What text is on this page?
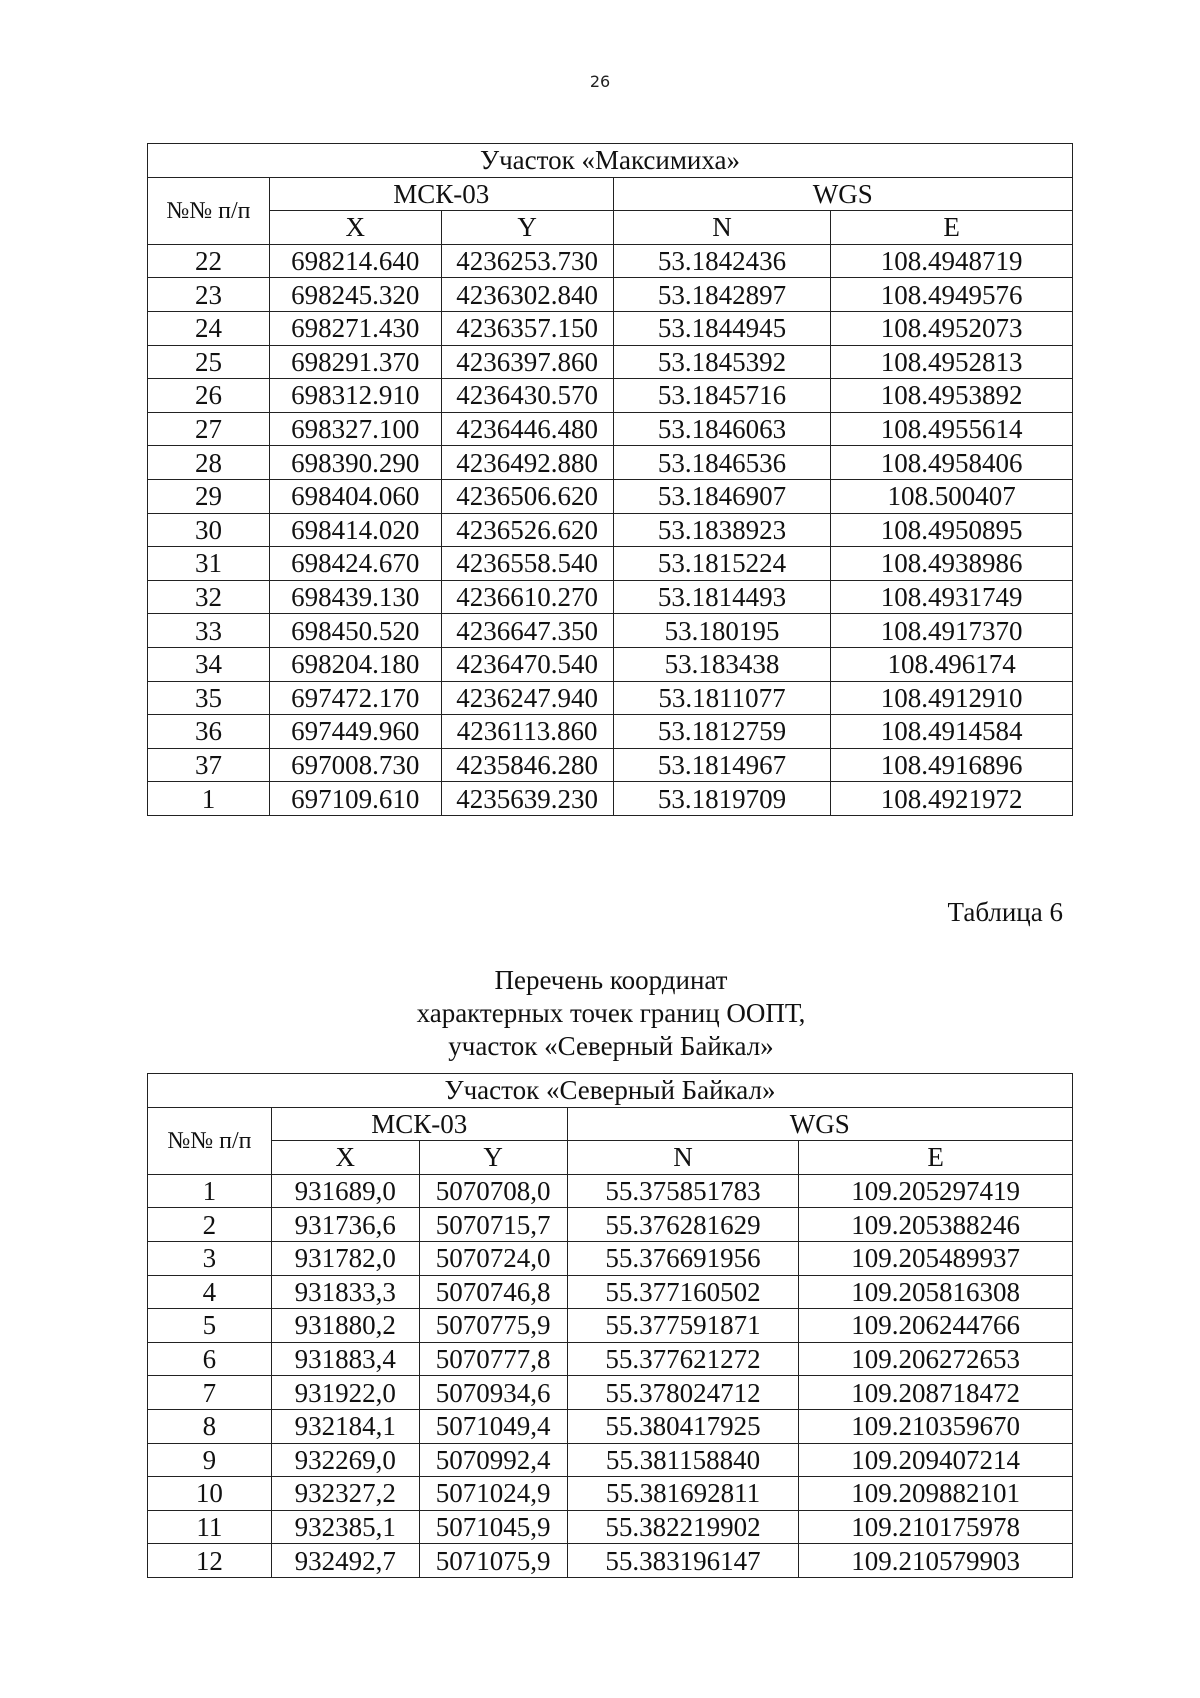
26
Участок «Максимиха»				
№№ п/п	МСК-03		WGS	
	X	Y	N	E
22	698214.640	4236253.730	53.1842436	108.4948719
23	698245.320	4236302.840	53.1842897	108.4949576
24	698271.430	4236357.150	53.1844945	108.4952073
25	698291.370	4236397.860	53.1845392	108.4952813
26	698312.910	4236430.570	53.1845716	108.4953892
27	698327.100	4236446.480	53.1846063	108.4955614
28	698390.290	4236492.880	53.1846536	108.4958406
29	698404.060	4236506.620	53.1846907	108.500407
30	698414.020	4236526.620	53.1838923	108.4950895
31	698424.670	4236558.540	53.1815224	108.4938986
32	698439.130	4236610.270	53.1814493	108.4931749
33	698450.520	4236647.350	53.180195	108.4917370
34	698204.180	4236470.540	53.183438	108.496174
35	697472.170	4236247.940	53.1811077	108.4912910
36	697449.960	4236113.860	53.1812759	108.4914584
37	697008.730	4235846.280	53.1814967	108.4916896
1	697109.610	4235639.230	53.1819709	108.4921972
Таблица 6
Перечень координат
характерных точек границ ООПТ,
участок «Северный Байкал»
Участок «Северный Байкал»				
№№ п/п	МСК-03		WGS	
	X	Y	N	E
1	931689,0	5070708,0	55.375851783	109.205297419
2	931736,6	5070715,7	55.376281629	109.205388246
3	931782,0	5070724,0	55.376691956	109.205489937
4	931833,3	5070746,8	55.377160502	109.205816308
5	931880,2	5070775,9	55.377591871	109.206244766
6	931883,4	5070777,8	55.377621272	109.206272653
7	931922,0	5070934,6	55.378024712	109.208718472
8	932184,1	5071049,4	55.380417925	109.210359670
9	932269,0	5070992,4	55.381158840	109.209407214
10	932327,2	5071024,9	55.381692811	109.209882101
11	932385,1	5071045,9	55.382219902	109.210175978
12	932492,7	5071075,9	55.383196147	109.210579903
